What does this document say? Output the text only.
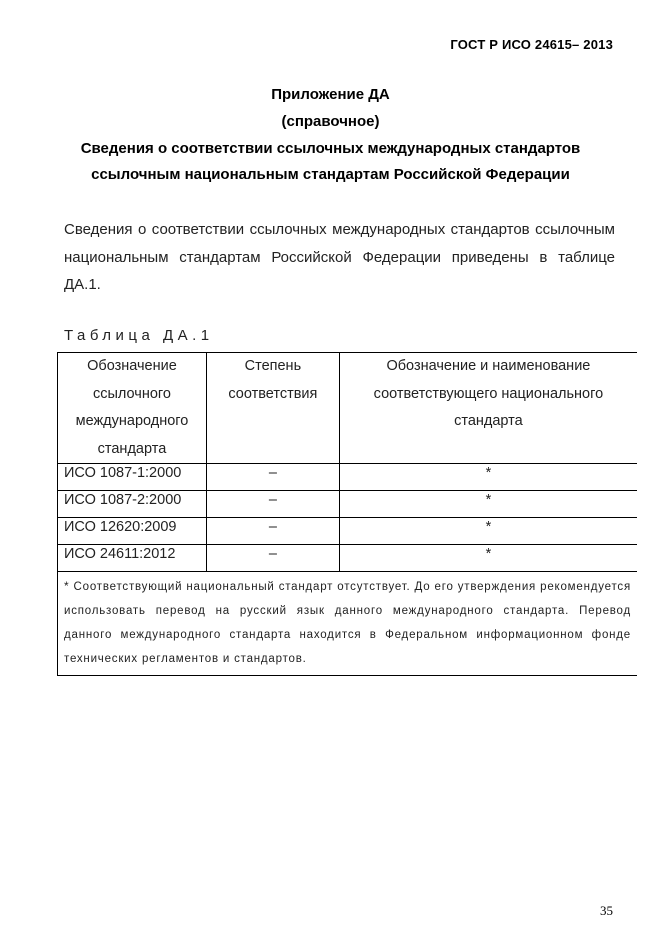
ГОСТ Р ИСО 24615– 2013
Приложение ДА
(справочное)
Сведения о соответствии ссылочных международных стандартов
ссылочным национальным стандартам Российской Федерации

Сведения о соответствии ссылочных международных стандартов ссылочным национальным стандартам Российской Федерации приведены в таблице ДА.1.

Таблица ДА.1
Обозначение ссылочного международного стандарта	Степень соответствия	Обозначение и наименование соответствующего национального стандарта
ИСО 1087-1:2000	–	*
ИСО 1087-2:2000	–	*
ИСО 12620:2009	–	*
ИСО 24611:2012	–	*
* Соответствующий национальный стандарт отсутствует. До его утверждения рекомендуется использовать перевод на русский язык данного международного стандарта. Перевод данного международного стандарта находится в Федеральном информационном фонде технических регламентов и стандартов.		
35
